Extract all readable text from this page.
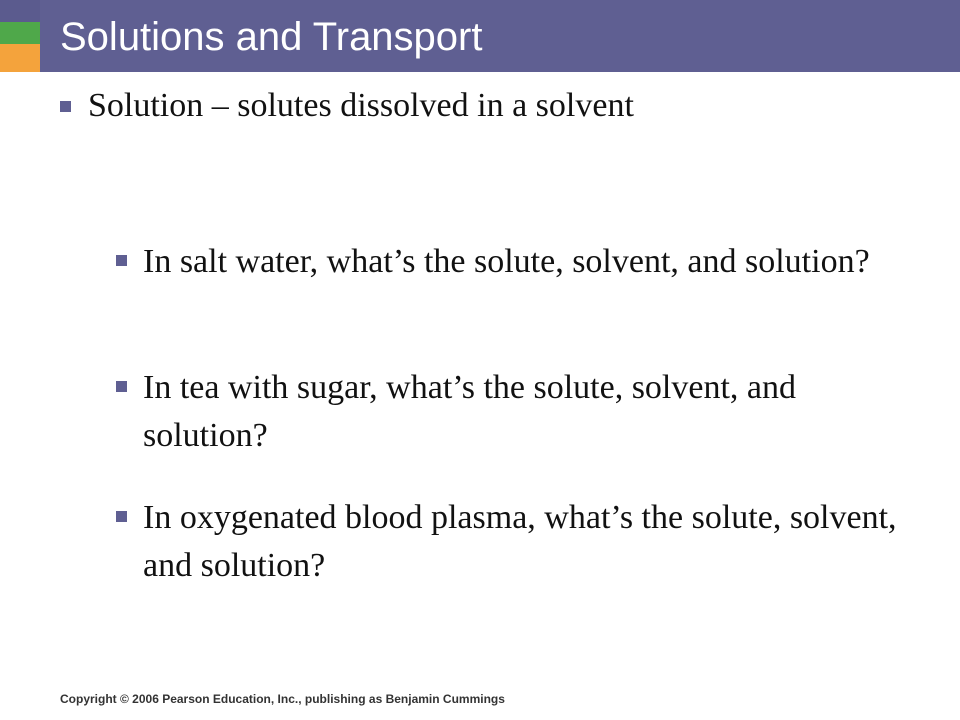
Solutions and Transport
Solution – solutes dissolved in a solvent
In salt water, what’s the solute, solvent, and solution?
In tea with sugar, what’s the solute, solvent, and solution?
In oxygenated blood plasma, what’s the solute, solvent, and solution?
Copyright © 2006 Pearson Education, Inc., publishing as Benjamin Cummings
